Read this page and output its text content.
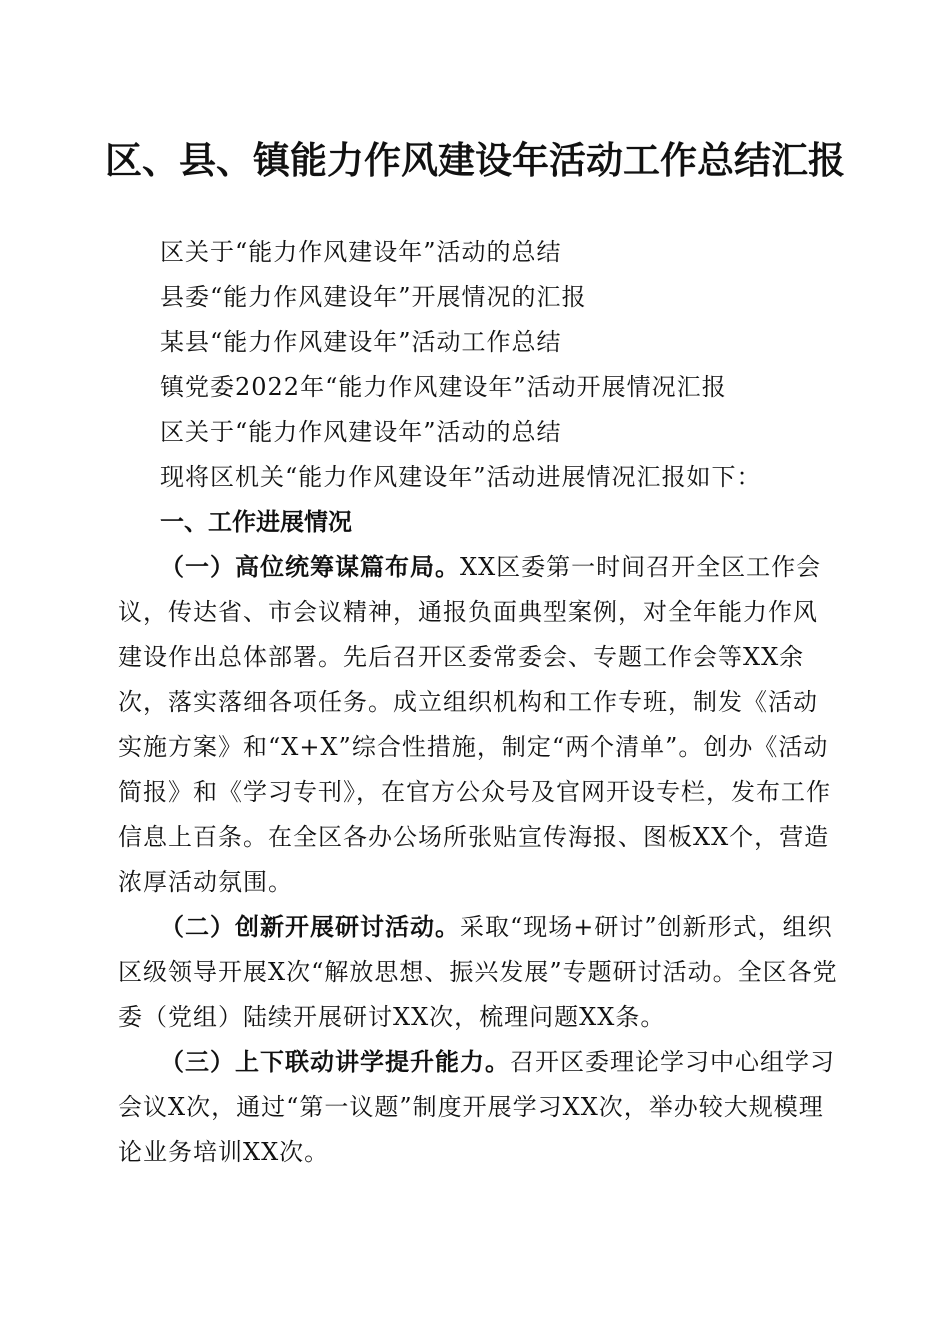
区、县、镇能力作风建设年活动工作总结汇报
区关于“能力作风建设年”活动的总结
县委“能力作风建设年”开展情况的汇报
某县“能力作风建设年”活动工作总结
镇党委2022年“能力作风建设年”活动开展情况汇报
区关于“能力作风建设年”活动的总结

现将区机关“能力作风建设年”活动进展情况汇报如下：

一、工作进展情况

（一）高位统筹谋篇布局。XX区委第一时间召开全区工作会议，传达省、市会议精神，通报负面典型案例，对全年能力作风建设作出总体部署。先后召开区委常委会、专题工作会等XX余次，落实落细各项任务。成立组织机构和工作专班，制发《活动实施方案》和“X+X”综合性措施，制定“两个清单”。创办《活动简报》和《学习专刊》，在官方公众号及官网开设专栏，发布工作信息上百条。在全区各办公场所张贴宣传海报、图板XX个，营造浓厚活动氛围。

（二）创新开展研讨活动。采取“现场+研讨”创新形式，组织区级领导开展X次“解放思想、振兴发展”专题研讨活动。全区各党委（党组）陆续开展研讨XX次，梳理问题XX条。

（三）上下联动讲学提升能力。召开区委理论学习中心组学习会议X次，通过“第一议题”制度开展学习XX次，举办较大规模理论业务培训XX次。
